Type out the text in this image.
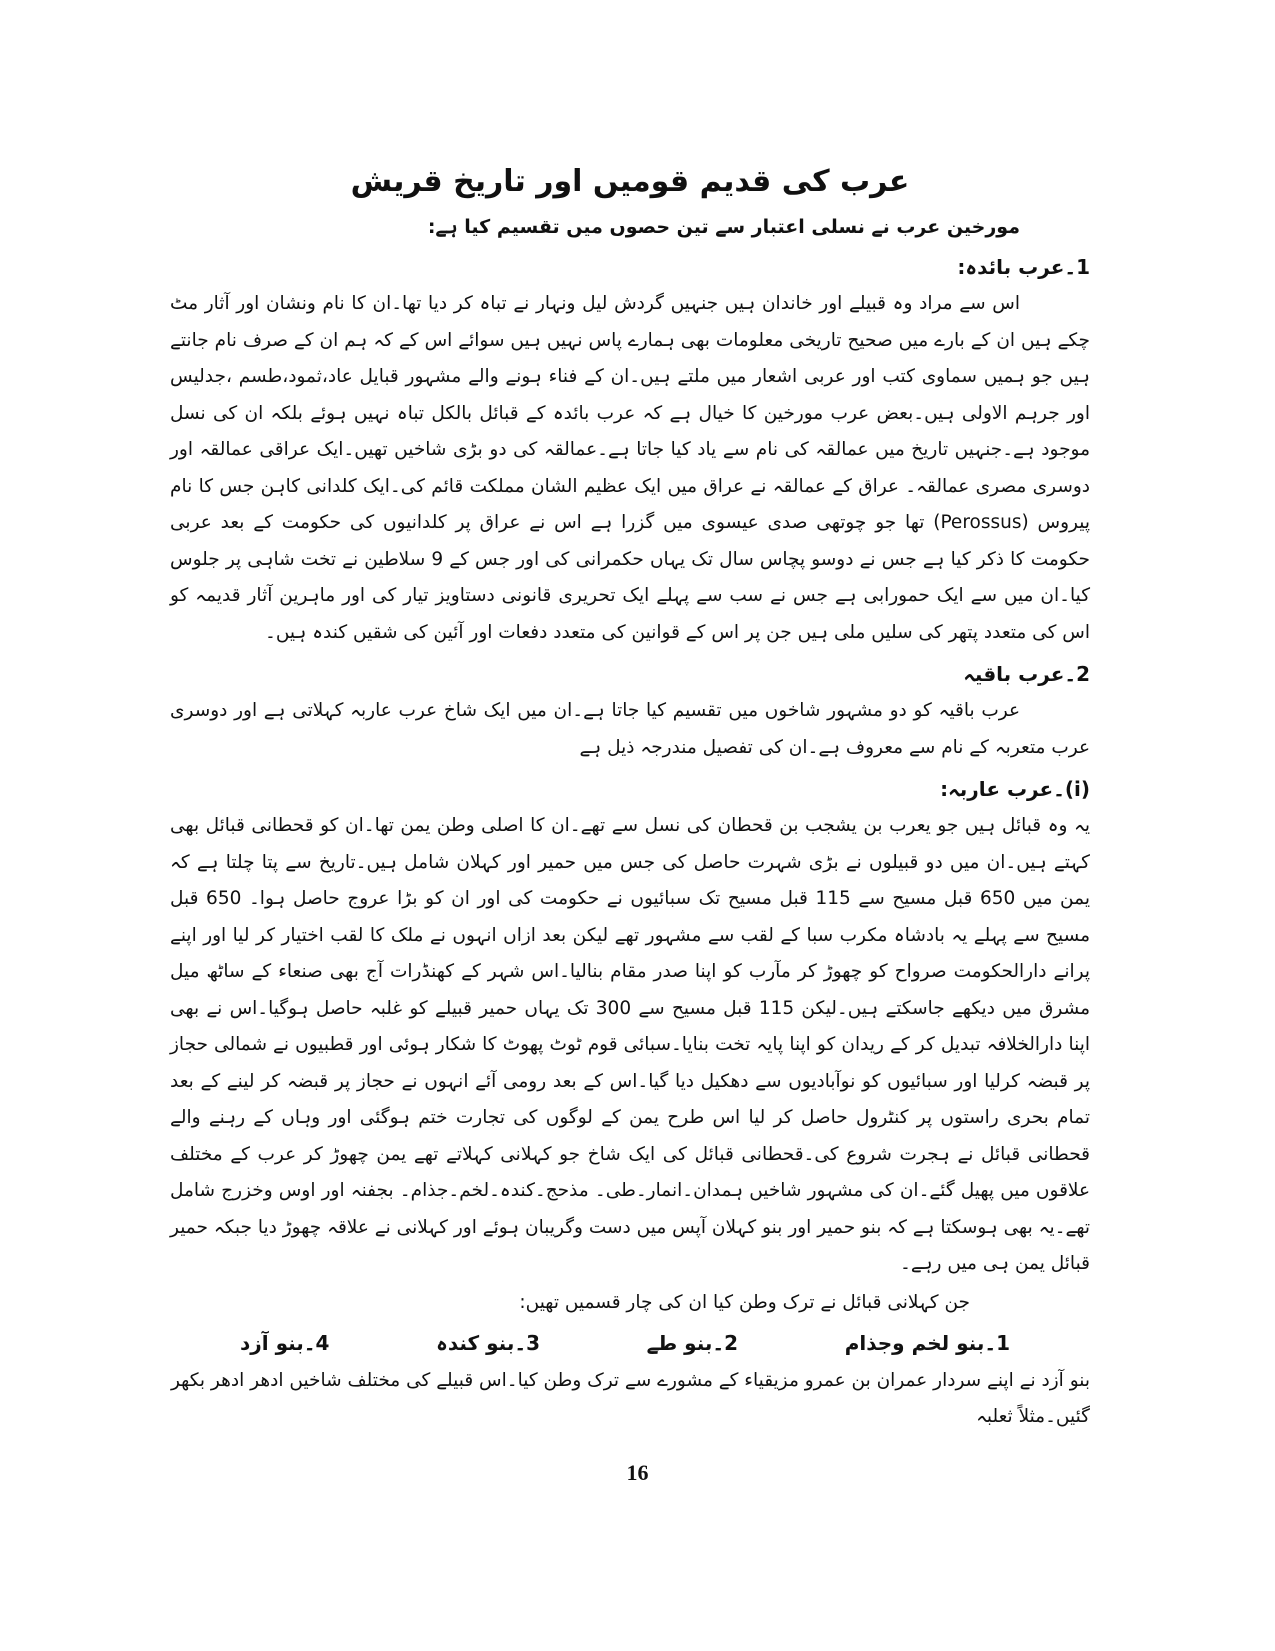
عرب کی قدیم قومیں اور تاریخ قریش

مورخین عرب نے نسلی اعتبار سے تین حصوں میں تقسیم کیا ہے:

1۔عرب بائدہ:

اس سے مراد وہ قبیلے اور خاندان ہیں جنہیں گردش لیل ونہار نے تباہ کر دیا تھا۔ان کا نام ونشان اور آثار مٹ چکے ہیں ان کے بارے میں صحیح تاریخی معلومات بھی ہمارے پاس نہیں ہیں سوائے اس کے کہ ہم ان کے صرف نام جانتے ہیں جو ہمیں سماوی کتب اور عربی اشعار میں ملتے ہیں۔ان کے فناء ہونے والے مشہور قبایل عاد،ثمود،طسم ،جدلیس اور جرہم الاولی ہیں۔بعض عرب مورخین کا خیال ہے کہ عرب بائدہ کے قبائل بالکل تباہ نہیں ہوئے بلکہ ان کی نسل موجود ہے۔جنہیں تاریخ میں عمالقہ کی نام سے یاد کیا جاتا ہے۔عمالقہ کی دو بڑی شاخیں تھیں۔ایک عراقی عمالقہ اور دوسری مصری عمالقہ۔ عراق کے عمالقہ نے عراق میں ایک عظیم الشان مملکت قائم کی۔ایک کلدانی کاہن جس کا نام پیروس (Perossus) تھا جو چوتھی صدی عیسوی میں گزرا ہے اس نے عراق پر کلدانیوں کی حکومت کے بعد عربی حکومت کا ذکر کیا ہے جس نے دوسو پچاس سال تک یہاں حکمرانی کی اور جس کے 9 سلاطین نے تخت شاہی پر جلوس کیا۔ان میں سے ایک حمورابی ہے جس نے سب سے پہلے ایک تحریری قانونی دستاویز تیار کی اور ماہرین آثار قدیمہ کو اس کی متعدد پتھر کی سلیں ملی ہیں جن پر اس کے قوانین کی متعدد دفعات اور آئین کی شقیں کندہ ہیں۔

2۔عرب باقیہ

عرب باقیہ کو دو مشہور شاخوں میں تقسیم کیا جاتا ہے۔ان میں ایک شاخ عرب عاربہ کہلاتی ہے اور دوسری عرب متعربہ کے نام سے معروف ہے۔ان کی تفصیل مندرجہ ذیل ہے

(i)۔عرب عاربہ:

یہ وہ قبائل ہیں جو یعرب بن یشجب بن قحطان کی نسل سے تھے۔ان کا اصلی وطن یمن تھا۔ان کو قحطانی قبائل بھی کہتے ہیں۔ان میں دو قبیلوں نے بڑی شہرت حاصل کی جس میں حمیر اور کہلان شامل ہیں۔تاریخ سے پتا چلتا ہے کہ یمن میں 650 قبل مسیح سے 115 قبل مسیح تک سبائیوں نے حکومت کی اور ان کو بڑا عروج حاصل ہوا۔ 650 قبل مسیح سے پہلے یہ بادشاہ مکرب سبا کے لقب سے مشہور تھے لیکن بعد ازاں انہوں نے ملک کا لقب اختیار کر لیا اور اپنے پرانے دارالحکومت صرواح کو چھوڑ کر مآرب کو اپنا صدر مقام بنالیا۔اس شہر کے کھنڈرات آج بھی صنعاء کے ساٹھ میل مشرق میں دیکھے جاسکتے ہیں۔لیکن 115 قبل مسیح سے 300 تک یہاں حمیر قبیلے کو غلبہ حاصل ہوگیا۔اس نے بھی اپنا دارالخلافہ تبدیل کر کے ریدان کو اپنا پایہ تخت بنایا۔سبائی قوم ٹوٹ پھوٹ کا شکار ہوئی اور قطبیوں نے شمالی حجاز پر قبضہ کرلیا اور سبائیوں کو نوآبادیوں سے دھکیل دیا گیا۔اس کے بعد رومی آئے انہوں نے حجاز پر قبضہ کر لینے کے بعد تمام بحری راستوں پر کنٹرول حاصل کر لیا اس طرح یمن کے لوگوں کی تجارت ختم ہوگئی اور وہاں کے رہنے والے قحطانی قبائل نے ہجرت شروع کی۔قحطانی قبائل کی ایک شاخ جو کہلانی کہلاتے تھے یمن چھوڑ کر عرب کے مختلف علاقوں میں پھیل گئے۔ان کی مشہور شاخیں ہمدان۔انمار۔طی۔ مذحج۔کندہ۔لخم۔جذام۔ بجفنہ اور اوس وخزرج شامل تھے۔یہ بھی ہوسکتا ہے کہ بنو حمیر اور بنو کہلان آپس میں دست وگریبان ہوئے اور کہلانی نے علاقہ چھوڑ دیا جبکہ حمیر قبائل یمن ہی میں رہے۔

جن کہلانی قبائل نے ترک وطن کیا ان کی چار قسمیں تھیں:

1۔بنو لخم وجذام
2۔بنو طے
3۔بنو کندہ
4۔بنو آزد

بنو آزد نے اپنے سردار عمران بن عمرو مزیقیاء کے مشورے سے ترک وطن کیا۔اس قبیلے کی مختلف شاخیں ادھر ادھر بکھر گئیں۔مثلاً ثعلبہ

16
